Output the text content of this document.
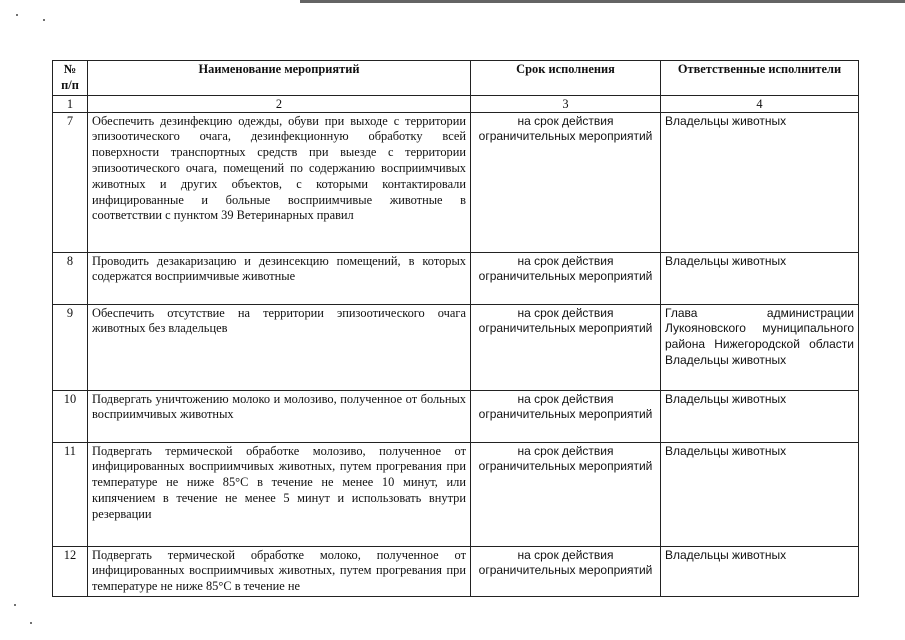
№ п/п	Наименование мероприятий	Срок исполнения	Ответственные исполнители
1	2	3	4
7	Обеспечить дезинфекцию одежды, обуви при выходе с территории эпизоотического очага, дезинфекционную обработку всей поверхности транспортных средств при выезде с территории эпизоотического очага, помещений по содержанию восприимчивых животных и других объектов, с которыми контактировали инфицированные и больные восприимчивые животные в соответствии с пунктом 39 Ветеринарных правил	на срок действия ограничительных мероприятий	Владельцы животных

8	Проводить дезакаризацию и дезинсекцию помещений, в которых содержатся восприимчивые животные	на срок действия ограничительных мероприятий	Владельцы животных

9	Обеспечить отсутствие на территории эпизоотического очага животных без владельцев	на срок действия ограничительных мероприятий	Глава администрации Лукояновского муниципального района Нижегородской области
Владельцы животных

10	Подвергать уничтожению молоко и молозиво, полученное от больных восприимчивых животных	на срок действия ограничительных мероприятий	Владельцы животных

11	Подвергать термической обработке молозиво, полученное от инфицированных восприимчивых животных, путем прогревания при температуре не ниже 85°С в течение не менее 10 минут, или кипячением в течение не менее 5 минут и использовать внутри резервации	на срок действия ограничительных мероприятий	Владельцы животных

12	Подвергать термической обработке молоко, полученное от инфицированных восприимчивых животных, путем прогревания при температуре не ниже 85°С в течение не	на срок действия ограничительных мероприятий	Владельцы животных
